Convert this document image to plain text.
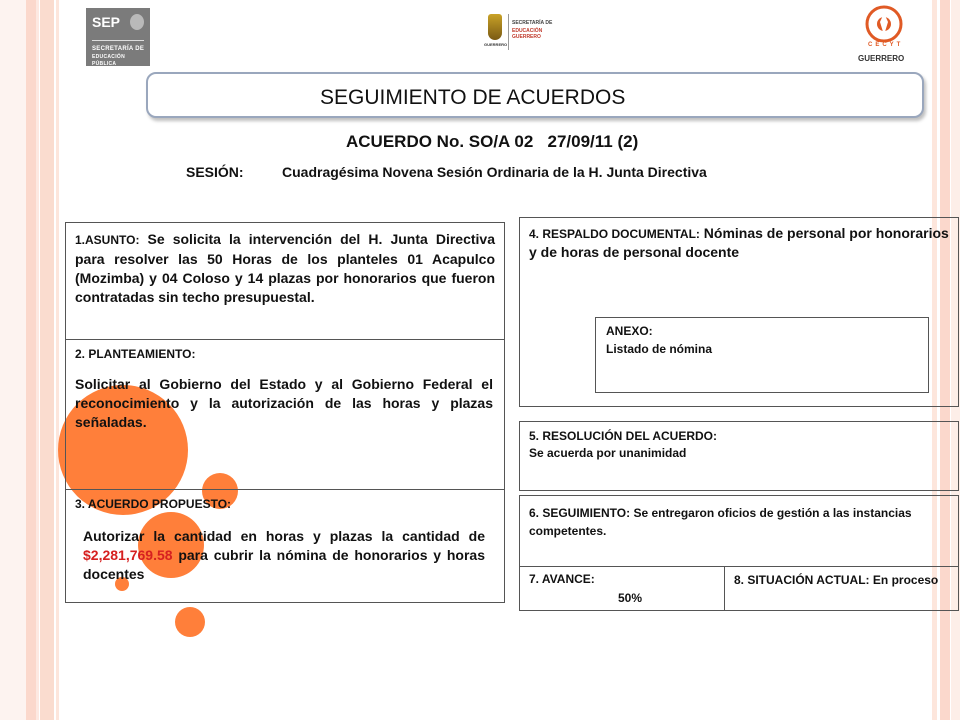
SEP
SECRETARÍA DE
EDUCACIÓN PÚBLICA
GUERRERO
SECRETARÍA DE
EDUCACIÓN GUERRERO
CECYT
GUERRERO
SEGUIMIENTO DE ACUERDOS
ACUERDO No. SO/A 02   27/09/11 (2)
SESIÓN:	Cuadragésima Novena Sesión Ordinaria de la H. Junta Directiva
1.ASUNTO: Se solicita la intervención del H. Junta Directiva para resolver las 50 Horas de los planteles 01 Acapulco (Mozimba) y 04 Coloso y 14 plazas por honorarios que fueron contratadas sin techo presupuestal.
2. PLANTEAMIENTO:
Solicitar al Gobierno del Estado y al Gobierno Federal el reconocimiento y la autorización de las horas y plazas señaladas.
3. ACUERDO PROPUESTO:
Autorizar la cantidad en horas y plazas la cantidad de $2,281,769.58 para cubrir la nómina de honorarios y horas docentes
4. RESPALDO DOCUMENTAL: Nóminas de personal por honorarios y de horas de personal docente
ANEXO:
Listado de nómina
5. RESOLUCIÓN DEL ACUERDO:
Se acuerda por unanimidad
6. SEGUIMIENTO: Se entregaron oficios de gestión a las instancias competentes.
7. AVANCE:
50%
8. SITUACIÓN ACTUAL: En proceso
